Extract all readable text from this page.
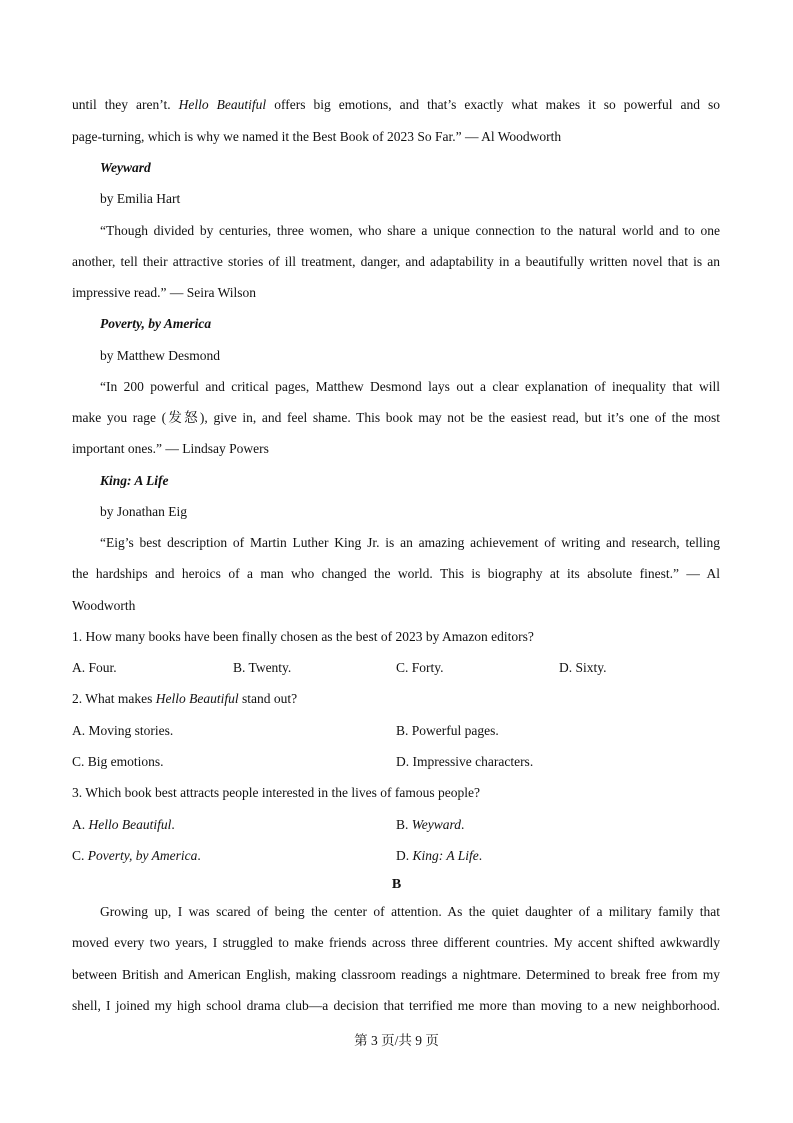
until they aren’t. Hello Beautiful offers big emotions, and that’s exactly what makes it so powerful and so
page-turning, which is why we named it the Best Book of 2023 So Far.” — Al Woodworth
Weyward
by Emilia Hart
“Though divided by centuries, three women, who share a unique connection to the natural world and to one
another, tell their attractive stories of ill treatment, danger, and adaptability in a beautifully written novel that is an
impressive read.” — Seira Wilson
Poverty, by America
by Matthew Desmond
“In 200 powerful and critical pages, Matthew Desmond lays out a clear explanation of inequality that will
make you rage (发怒), give in, and feel shame. This book may not be the easiest read, but it’s one of the most
important ones.” — Lindsay Powers
King: A Life
by Jonathan Eig
“Eig’s best description of Martin Luther King Jr. is an amazing achievement of writing and research, telling
the hardships and heroics of a man who changed the world. This is biography at its absolute finest.” — Al
Woodworth
1. How many books have been finally chosen as the best of 2023 by Amazon editors?
A. Four.	B. Twenty.	C. Forty.	D. Sixty.
2. What makes Hello Beautiful stand out?
A. Moving stories.	B. Powerful pages.
C. Big emotions.	D. Impressive characters.
3. Which book best attracts people interested in the lives of famous people?
A. Hello Beautiful.	B. Weyward.
C. Poverty, by America.	D. King: A Life.
B
Growing up, I was scared of being the center of attention. As the quiet daughter of a military family that
moved every two years, I struggled to make friends across three different countries. My accent shifted awkwardly
between British and American English, making classroom readings a nightmare. Determined to break free from my
shell, I joined my high school drama club—a decision that terrified me more than moving to a new neighborhood.
第 3 页/共 9 页
